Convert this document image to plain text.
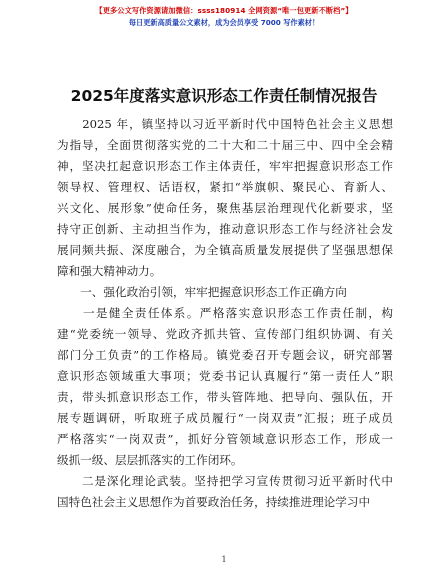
【更多公文写作资源请加微信：ssss180914 全网资源“唯一包更新不断档”】
每日更新高质量公文素材，成为会员享受 7000 写作素材！
2025年度落实意识形态工作责任制情况报告
　　2025 年，镇坚持以习近平新时代中国特色社会主义思想
为指导，全面贯彻落实党的二十大和二十届三中、四中全会精
神，坚决扛起意识形态工作主体责任，牢牢把握意识形态工作
领导权、管理权、话语权，紧扣“举旗帜、聚民心、育新人、
兴文化、展形象”使命任务，聚焦基层治理现代化新要求，坚
持守正创新、主动担当作为，推动意识形态工作与经济社会发
展同频共振、深度融合，为全镇高质量发展提供了坚强思想保
障和强大精神动力。
　　一、强化政治引领，牢牢把握意识形态工作正确方向
　　一是健全责任体系。严格落实意识形态工作责任制，构
建“党委统一领导、党政齐抓共管、宣传部门组织协调、有关
部门分工负责”的工作格局。镇党委召开专题会议，研究部署
意识形态领域重大事项；党委书记认真履行“第一责任人”职
责，带头抓意识形态工作，带头管阵地、把导向、强队伍，开
展专题调研，听取班子成员履行“一岗双责”汇报；班子成员
严格落实“一岗双责”，抓好分管领域意识形态工作，形成一
级抓一级、层层抓落实的工作闭环。
　　二是深化理论武装。坚持把学习宣传贯彻习近平新时代中
国特色社会主义思想作为首要政治任务，持续推进理论学习中
1
